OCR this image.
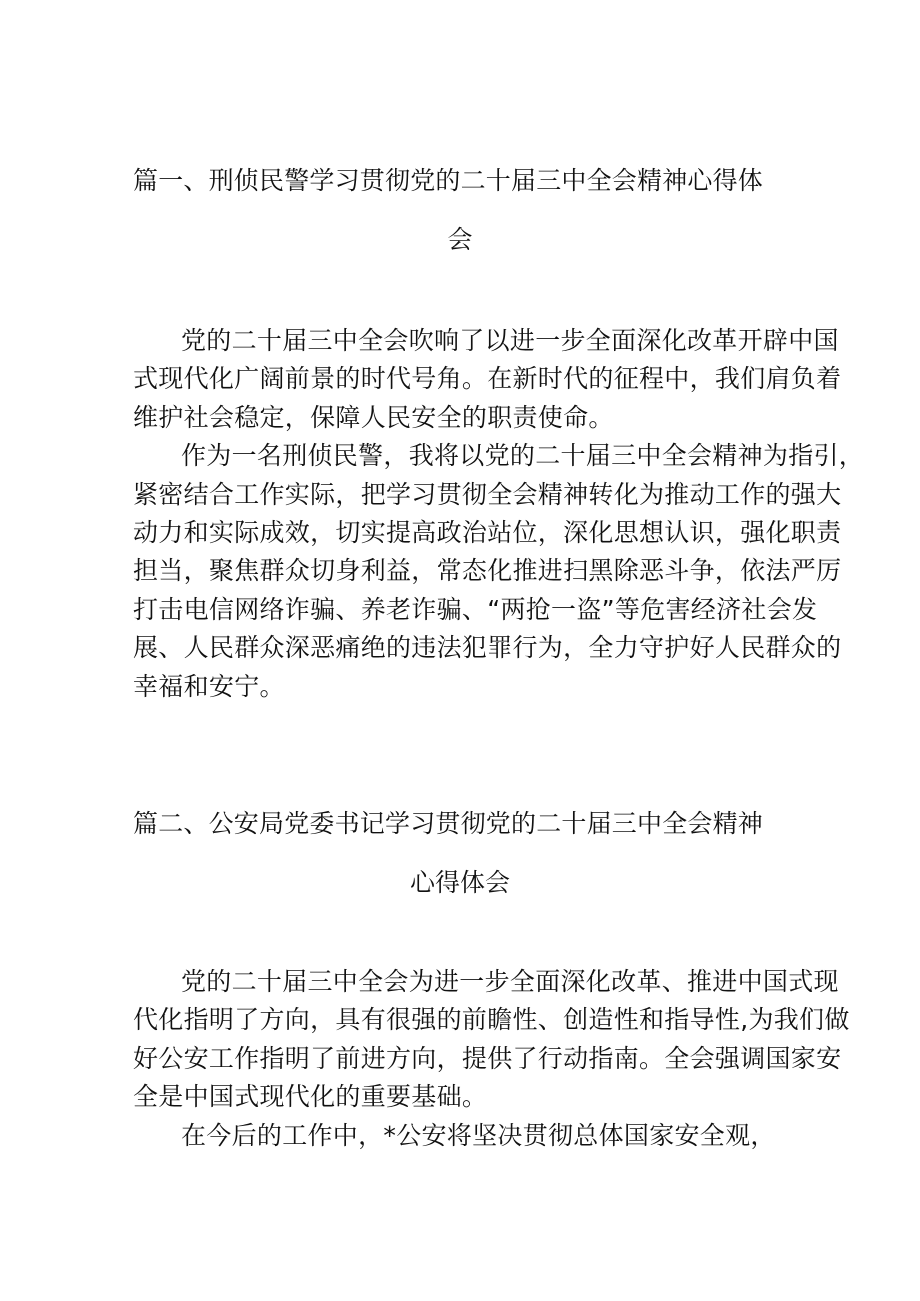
篇一、刑侦民警学习贯彻党的二十届三中全会精神心得体
会

党的二十届三中全会吹响了以进一步全面深化改革开辟中国
式现代化广阔前景的时代号角。在新时代的征程中，我们肩负着
维护社会稳定，保障人民安全的职责使命。

作为一名刑侦民警，我将以党的二十届三中全会精神为指引，
紧密结合工作实际，把学习贯彻全会精神转化为推动工作的强大
动力和实际成效，切实提高政治站位，深化思想认识，强化职责
担当，聚焦群众切身利益，常态化推进扫黑除恶斗争，依法严厉
打击电信网络诈骗、养老诈骗、“两抢一盗”等危害经济社会发
展、人民群众深恶痛绝的违法犯罪行为，全力守护好人民群众的
幸福和安宁。

篇二、公安局党委书记学习贯彻党的二十届三中全会精神
心得体会

党的二十届三中全会为进一步全面深化改革、推进中国式现
代化指明了方向，具有很强的前瞻性、创造性和指导性,为我们做
好公安工作指明了前进方向，提供了行动指南。全会强调国家安
全是中国式现代化的重要基础。

在今后的工作中，*公安将坚决贯彻总体国家安全观，
